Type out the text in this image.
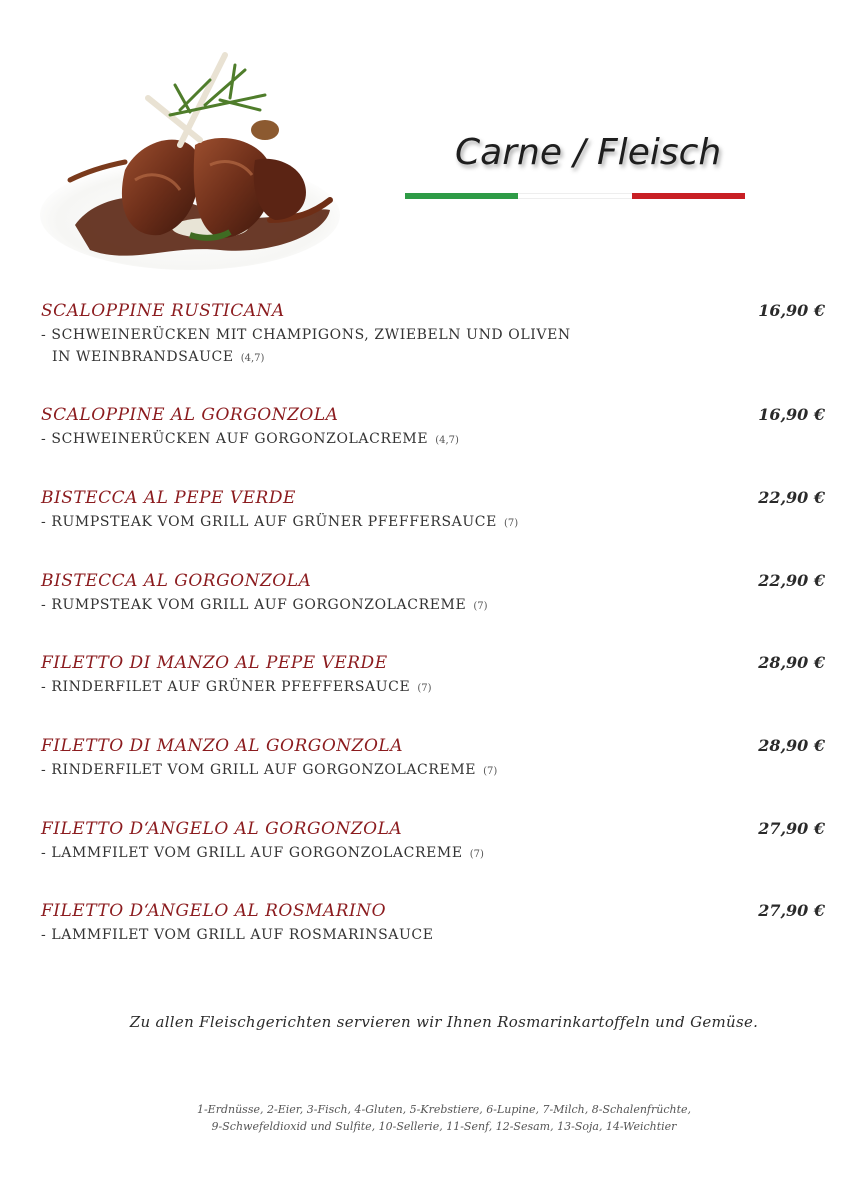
Carne / Fleisch
SCALOPPINE RUSTICANA	16,90 €
- SCHWEINERÜCKEN MIT CHAMPIGONS, ZWIEBELN UND OLIVEN
IN WEINBRANDSAUCE (4,7)
SCALOPPINE AL GORGONZOLA	16,90 €
- SCHWEINERÜCKEN AUF GORGONZOLACREME (4,7)
BISTECCA AL PEPE VERDE	22,90 €
- RUMPSTEAK VOM GRILL AUF GRÜNER PFEFFERSAUCE (7)
BISTECCA AL GORGONZOLA	22,90 €
- RUMPSTEAK VOM GRILL AUF GORGONZOLACREME (7)
FILETTO DI MANZO AL PEPE VERDE	28,90 €
- RINDERFILET AUF GRÜNER PFEFFERSAUCE (7)
FILETTO DI MANZO AL GORGONZOLA	28,90 €
- RINDERFILET VOM GRILL AUF GORGONZOLACREME (7)
FILETTO D‘ANGELO AL GORGONZOLA	27,90 €
- LAMMFILET VOM GRILL AUF GORGONZOLACREME (7)
FILETTO D‘ANGELO AL ROSMARINO	27,90 €
- LAMMFILET VOM GRILL AUF ROSMARINSAUCE
Zu allen Fleischgerichten servieren wir Ihnen Rosmarinkartoffeln und Gemüse.
1-Erdnüsse, 2-Eier, 3-Fisch, 4-Gluten, 5-Krebstiere, 6-Lupine, 7-Milch, 8-Schalenfrüchte,
9-Schwefeldioxid und Sulfite, 10-Sellerie, 11-Senf, 12-Sesam, 13-Soja, 14-Weichtier
